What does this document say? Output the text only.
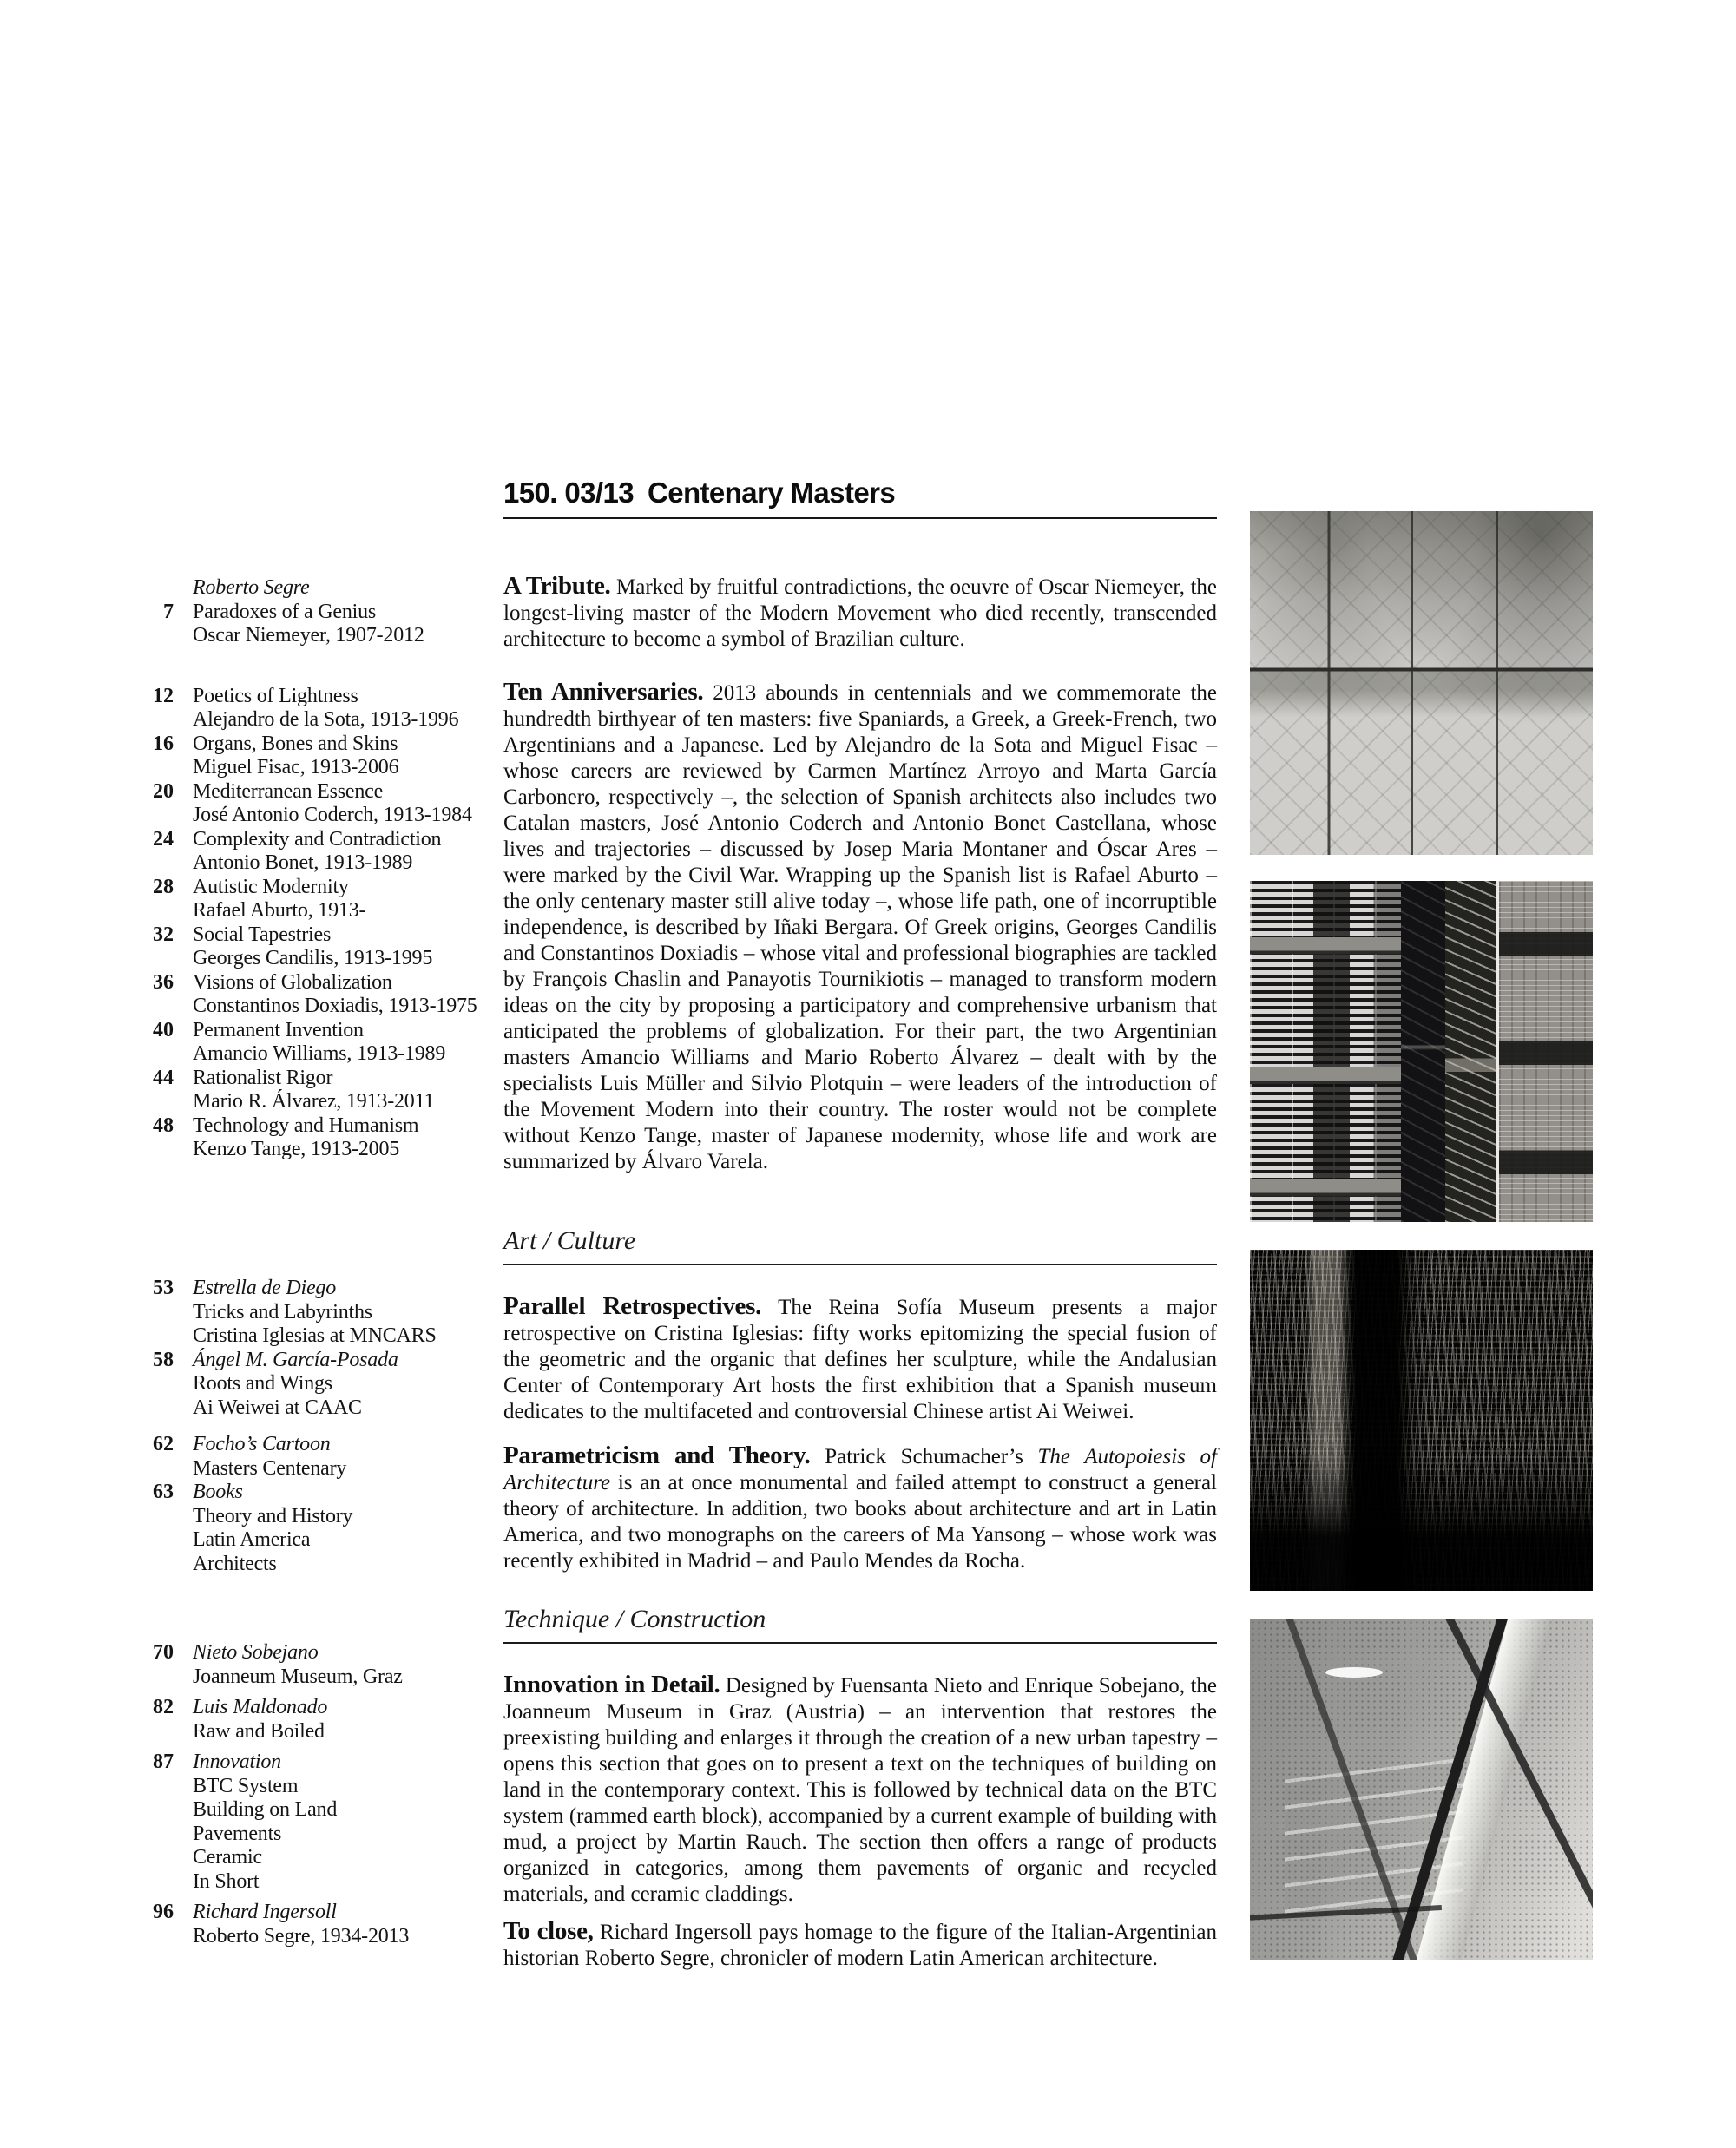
150. 03/13 Centenary Masters
7
Roberto Segre
Paradoxes of a Genius
Oscar Niemeyer, 1907-2012
12 Poetics of Lightness
Alejandro de la Sota, 1913-1996
16 Organs, Bones and Skins
Miguel Fisac, 1913-2006
20 Mediterranean Essence
José Antonio Coderch, 1913-1984
24 Complexity and Contradiction
Antonio Bonet, 1913-1989
28 Autistic Modernity
Rafael Aburto, 1913-
32 Social Tapestries
Georges Candilis, 1913-1995
36 Visions of Globalization
Constantinos Doxiadis, 1913-1975
40 Permanent Invention
Amancio Williams, 1913-1989
44 Rationalist Rigor
Mario R. Álvarez, 1913-2011
48 Technology and Humanism
Kenzo Tange, 1913-2005
53 Estrella de Diego
Tricks and Labyrinths
Cristina Iglesias at MNCARS
58 Ángel M. García-Posada
Roots and Wings
Ai Weiwei at CAAC
62 Focho’s Cartoon
Masters Centenary
63 Books
Theory and History
Latin America
Architects
70 Nieto Sobejano
Joanneum Museum, Graz
82 Luis Maldonado
Raw and Boiled
87 Innovation
BTC System
Building on Land
Pavements
Ceramic
In Short
96 Richard Ingersoll
Roberto Segre, 1934-2013

A Tribute. Marked by fruitful contradictions, the oeuvre of Oscar Niemeyer, the longest-living master of the Modern Movement who died recently, transcended architecture to become a symbol of Brazilian culture.

Ten Anniversaries. 2013 abounds in centennials and we commemorate the hundredth birthyear of ten masters: five Spaniards, a Greek, a Greek-French, two Argentinians and a Japanese. Led by Alejandro de la Sota and Miguel Fisac – whose careers are reviewed by Carmen Martínez Arroyo and Marta García Carbonero, respectively –, the selection of Spanish architects also includes two Catalan masters, José Antonio Coderch and Antonio Bonet Castellana, whose lives and trajectories – discussed by Josep Maria Montaner and Óscar Ares – were marked by the Civil War. Wrapping up the Spanish list is Rafael Aburto – the only centenary master still alive today –, whose life path, one of incorruptible independence, is described by Iñaki Bergara. Of Greek origins, Georges Candilis and Constantinos Doxiadis – whose vital and professional biographies are tackled by François Chaslin and Panayotis Tournikiotis – managed to transform modern ideas on the city by proposing a participatory and comprehensive urbanism that anticipated the problems of globalization. For their part, the two Argentinian masters Amancio Williams and Mario Roberto Álvarez – dealt with by the specialists Luis Müller and Silvio Plotquin – were leaders of the introduction of the Movement Modern into their country. The roster would not be complete without Kenzo Tange, master of Japanese modernity, whose life and work are summarized by Álvaro Varela.

Art / Culture

Parallel Retrospectives. The Reina Sofía Museum presents a major retrospective on Cristina Iglesias: fifty works epitomizing the special fusion of the geometric and the organic that defines her sculpture, while the Andalusian Center of Contemporary Art hosts the first exhibition that a Spanish museum dedicates to the multifaceted and controversial Chinese artist Ai Weiwei.

Parametricism and Theory. Patrick Schumacher’s The Autopoiesis of Architecture is an at once monumental and failed attempt to construct a general theory of architecture. In addition, two books about architecture and art in Latin America, and two monographs on the careers of Ma Yansong – whose work was recently exhibited in Madrid – and Paulo Mendes da Rocha.

Technique / Construction

Innovation in Detail. Designed by Fuensanta Nieto and Enrique Sobejano, the Joanneum Museum in Graz (Austria) – an intervention that restores the preexisting building and enlarges it through the creation of a new urban tapestry – opens this section that goes on to present a text on the techniques of building on land in the contemporary context. This is followed by technical data on the BTC system (rammed earth block), accompanied by a current example of building with mud, a project by Martin Rauch. The section then offers a range of products organized in categories, among them pavements of organic and recycled materials, and ceramic claddings.

To close, Richard Ingersoll pays homage to the figure of the Italian-Argentinian historian Roberto Segre, chronicler of modern Latin American architecture.
